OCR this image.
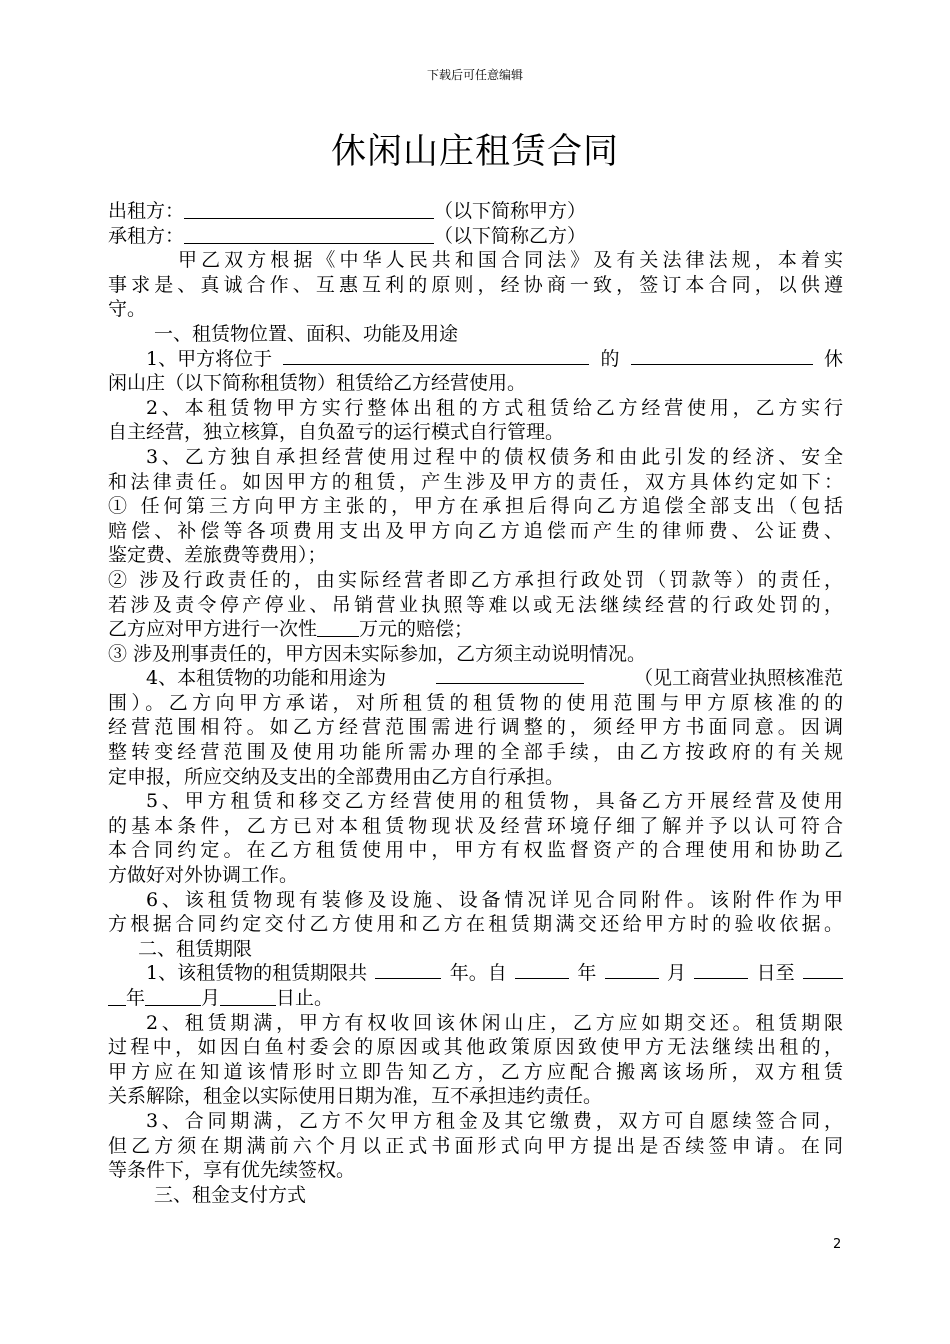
下载后可任意编辑
休闲山庄租赁合同
出租方：	（以下简称甲方）
承租方：	（以下简称乙方）
甲乙双方根据《中华人民共和国合同法》及有关法律法规，本着实
事求是、真诚合作、互惠互利的原则，经协商一致，签订本合同，以供遵
守。
一、租赁物位置、面积、功能及用途
1、甲方将位于	的	休
闲山庄（以下简称租赁物）租赁给乙方经营使用。
2、本租赁物甲方实行整体出租的方式租赁给乙方经营使用，乙方实行
自主经营，独立核算，自负盈亏的运行模式自行管理。
3、乙方独自承担经营使用过程中的债权债务和由此引发的经济、安全
和法律责任。如因甲方的租赁，产生涉及甲方的责任，双方具体约定如下：
① 任何第三方向甲方主张的，甲方在承担后得向乙方追偿全部支出（包括
赔偿、补偿等各项费用支出及甲方向乙方追偿而产生的律师费、公证费、
鉴定费、差旅费等费用）；
② 涉及行政责任的，由实际经营者即乙方承担行政处罚（罚款等）的责任，
若涉及责令停产停业、吊销营业执照等难以或无法继续经营的行政处罚的，
乙方应对甲方进行一次性 万元的赔偿；
③ 涉及刑事责任的，甲方因未实际参加，乙方须主动说明情况。
4、本租赁物的功能和用途为	（见工商营业执照核准范
围）。乙方向甲方承诺，对所租赁的租赁物的使用范围与甲方原核准的的
经营范围相符。如乙方经营范围需进行调整的，须经甲方书面同意。因调
整转变经营范围及使用功能所需办理的全部手续，由乙方按政府的有关规
定申报，所应交纳及支出的全部费用由乙方自行承担。
5、甲方租赁和移交乙方经营使用的租赁物，具备乙方开展经营及使用
的基本条件，乙方已对本租赁物现状及经营环境仔细了解并予以认可符合
本合同约定。在乙方租赁使用中，甲方有权监督资产的合理使用和协助乙
方做好对外协调工作。
6、该租赁物现有装修及设施、设备情况详见合同附件。该附件作为甲
方根据合同约定交付乙方使用和乙方在租赁期满交还给甲方时的验收依据。
二、租赁期限
1、该租赁物的租赁期限共	年。自	年	月	日至
年	月	日止。
2、租赁期满，甲方有权收回该休闲山庄，乙方应如期交还。租赁期限
过程中，如因白鱼村委会的原因或其他政策原因致使甲方无法继续出租的，
甲方应在知道该情形时立即告知乙方，乙方应配合搬离该场所，双方租赁
关系解除，租金以实际使用日期为准，互不承担违约责任。
3、合同期满，乙方不欠甲方租金及其它缴费，双方可自愿续签合同，
但乙方须在期满前六个月以正式书面形式向甲方提出是否续签申请。在同
等条件下，享有优先续签权。
三、租金支付方式
2
